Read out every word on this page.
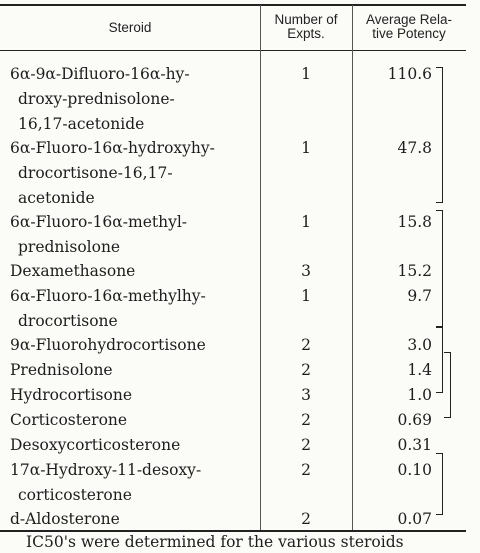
Steroid
Number of
Expts.
Average Rela-
tive Potency
6α-9α-Difluoro-16α-hy-
droxy-prednisolone-
16,17-acetonide
1	110.6
6α-Fluoro-16α-hydroxyhy-
drocortisone-16,17-
acetonide
1	47.8
6α-Fluoro-16α-methyl-
prednisolone
1	15.8
Dexamethasone	3	15.2
6α-Fluoro-16α-methylhy-
drocortisone
1	9.7
9α-Fluorohydrocortisone	2	3.0
Prednisolone	2	1.4
Hydrocortisone	3	1.0
Corticosterone	2	0.69
Desoxycorticosterone	2	0.31
17α-Hydroxy-11-desoxy-
corticosterone
2	0.10
d-Aldosterone	2	0.07
IC50's were determined for the various steroids
